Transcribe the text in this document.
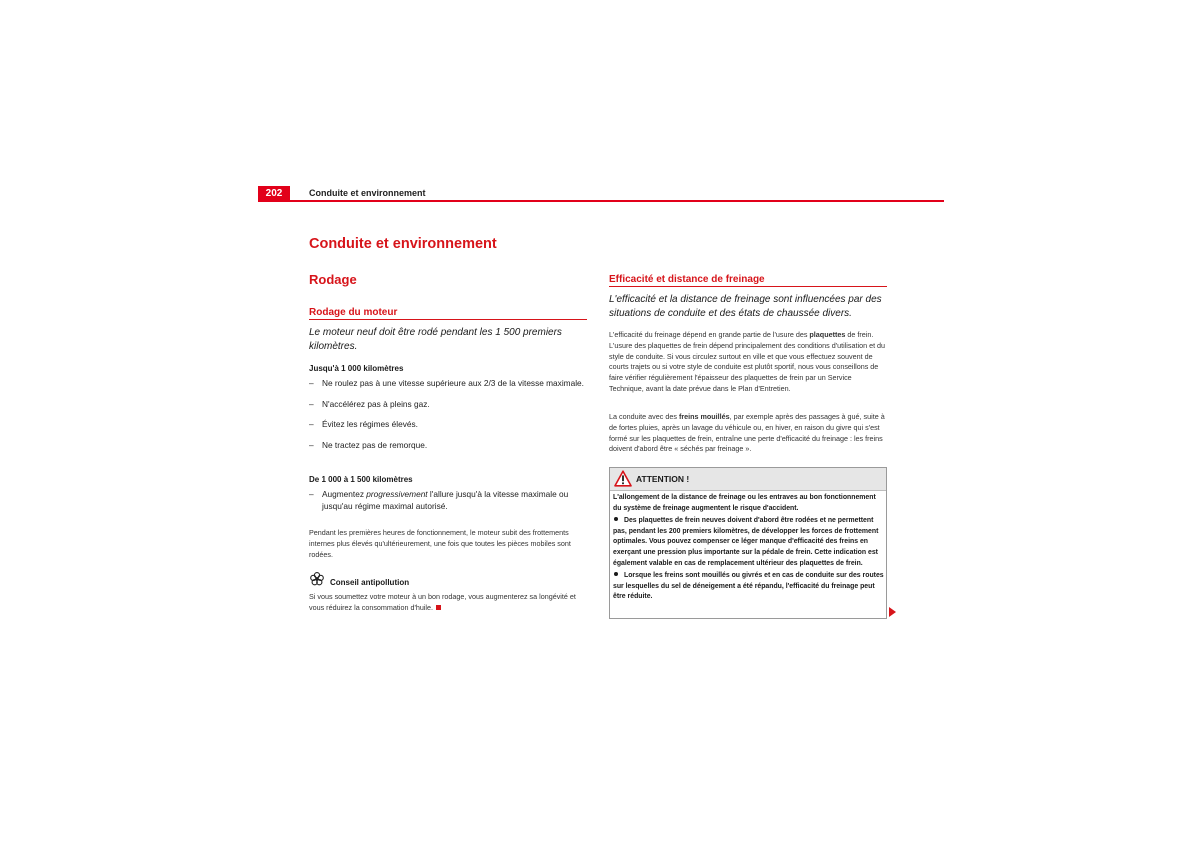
202	Conduite et environnement
Conduite et environnement
Rodage
Rodage du moteur
Le moteur neuf doit être rodé pendant les 1 500 premiers kilomètres.
Jusqu'à 1 000 kilomètres
– Ne roulez pas à une vitesse supérieure aux 2/3 de la vitesse maximale.
– N'accélérez pas à pleins gaz.
– Évitez les régimes élevés.
– Ne tractez pas de remorque.
De 1 000 à 1 500 kilomètres
– Augmentez progressivement l'allure jusqu'à la vitesse maximale ou jusqu'au régime maximal autorisé.
Pendant les premières heures de fonctionnement, le moteur subit des frottements internes plus élevés qu'ultérieurement, une fois que toutes les pièces mobiles sont rodées.
Conseil antipollution
Si vous soumettez votre moteur à un bon rodage, vous augmenterez sa longévité et vous réduirez la consommation d'huile.
Efficacité et distance de freinage
L'efficacité et la distance de freinage sont influencées par des situations de conduite et des états de chaussée divers.
L'efficacité du freinage dépend en grande partie de l'usure des plaquettes de frein. L'usure des plaquettes de frein dépend principalement des conditions d'utilisation et du style de conduite. Si vous circulez surtout en ville et que vous effectuez souvent de courts trajets ou si votre style de conduite est plutôt sportif, nous vous conseillons de faire vérifier régulièrement l'épaisseur des plaquettes de frein par un Service Technique, avant la date prévue dans le Plan d'Entretien.
La conduite avec des freins mouillés, par exemple après des passages à gué, suite à de fortes pluies, après un lavage du véhicule ou, en hiver, en raison du givre qui s'est formé sur les plaquettes de frein, entraîne une perte d'efficacité du freinage : les freins doivent d'abord être « séchés par freinage ».
ATTENTION !

L'allongement de la distance de freinage ou les entraves au bon fonctionnement du système de freinage augmentent le risque d'accident.

Des plaquettes de frein neuves doivent d'abord être rodées et ne permettent pas, pendant les 200 premiers kilomètres, de développer les forces de frottement optimales. Vous pouvez compenser ce léger manque d'efficacité des freins en exerçant une pression plus importante sur la pédale de frein. Cette indication est également valable en cas de remplacement ultérieur des plaquettes de frein.

Lorsque les freins sont mouillés ou givrés et en cas de conduite sur des routes sur lesquelles du sel de déneigement a été répandu, l'efficacité du freinage peut être réduite.
